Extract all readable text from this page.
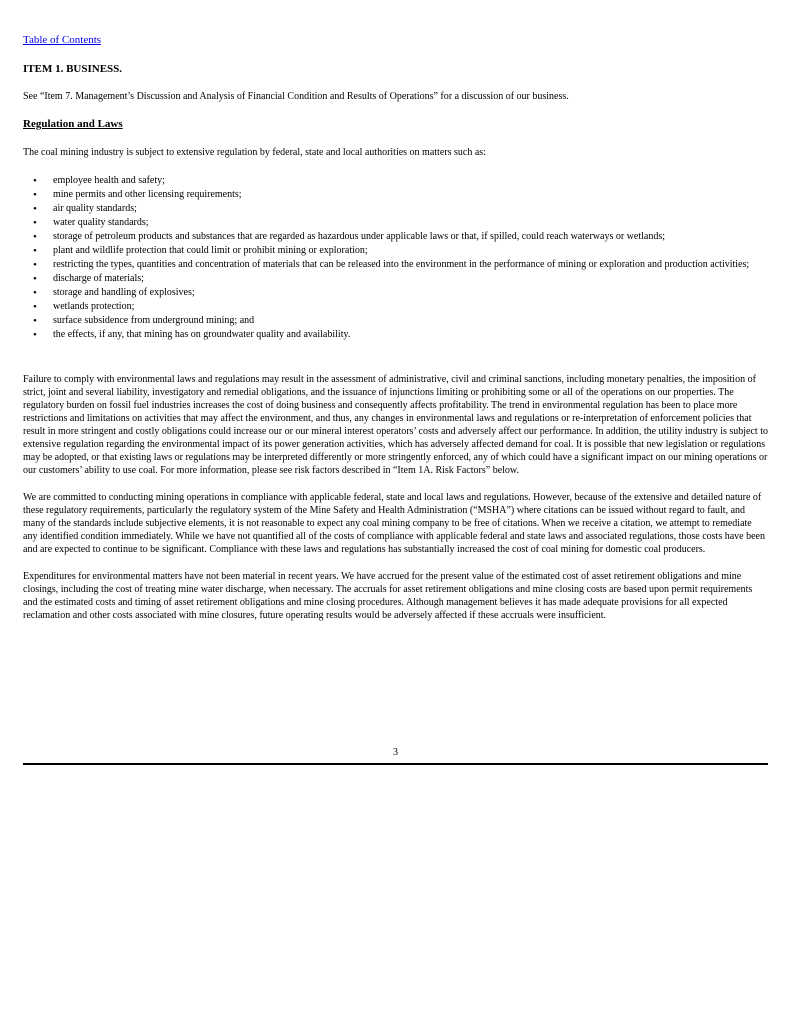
Table of Contents
ITEM 1. BUSINESS.
See “Item 7. Management’s Discussion and Analysis of Financial Condition and Results of Operations” for a discussion of our business.
Regulation and Laws
The coal mining industry is subject to extensive regulation by federal, state and local authorities on matters such as:
•	employee health and safety;
•	mine permits and other licensing requirements;
•	air quality standards;
•	water quality standards;
•	storage of petroleum products and substances that are regarded as hazardous under applicable laws or that, if spilled, could reach waterways or wetlands;
•	plant and wildlife protection that could limit or prohibit mining or exploration;
•	restricting the types, quantities and concentration of materials that can be released into the environment in the performance of mining or exploration and production activities;
•	discharge of materials;
•	storage and handling of explosives;
•	wetlands protection;
•	surface subsidence from underground mining; and
•	the effects, if any, that mining has on groundwater quality and availability.
Failure to comply with environmental laws and regulations may result in the assessment of administrative, civil and criminal sanctions, including monetary penalties, the imposition of strict, joint and several liability, investigatory and remedial obligations, and the issuance of injunctions limiting or prohibiting some or all of the operations on our properties. The regulatory burden on fossil fuel industries increases the cost of doing business and consequently affects profitability. The trend in environmental regulation has been to place more restrictions and limitations on activities that may affect the environment, and thus, any changes in environmental laws and regulations or re-interpretation of enforcement policies that result in more stringent and costly obligations could increase our or our mineral interest operators’ costs and adversely affect our performance. In addition, the utility industry is subject to extensive regulation regarding the environmental impact of its power generation activities, which has adversely affected demand for coal. It is possible that new legislation or regulations may be adopted, or that existing laws or regulations may be interpreted differently or more stringently enforced, any of which could have a significant impact on our mining operations or our customers’ ability to use coal. For more information, please see risk factors described in “Item 1A. Risk Factors” below.
We are committed to conducting mining operations in compliance with applicable federal, state and local laws and regulations. However, because of the extensive and detailed nature of these regulatory requirements, particularly the regulatory system of the Mine Safety and Health Administration (“MSHA”) where citations can be issued without regard to fault, and many of the standards include subjective elements, it is not reasonable to expect any coal mining company to be free of citations. When we receive a citation, we attempt to remediate any identified condition immediately. While we have not quantified all of the costs of compliance with applicable federal and state laws and associated regulations, those costs have been and are expected to continue to be significant. Compliance with these laws and regulations has substantially increased the cost of coal mining for domestic coal producers.
Expenditures for environmental matters have not been material in recent years. We have accrued for the present value of the estimated cost of asset retirement obligations and mine closings, including the cost of treating mine water discharge, when necessary. The accruals for asset retirement obligations and mine closing costs are based upon permit requirements and the estimated costs and timing of asset retirement obligations and mine closing procedures. Although management believes it has made adequate provisions for all expected reclamation and other costs associated with mine closures, future operating results would be adversely affected if these accruals were insufficient.
3
